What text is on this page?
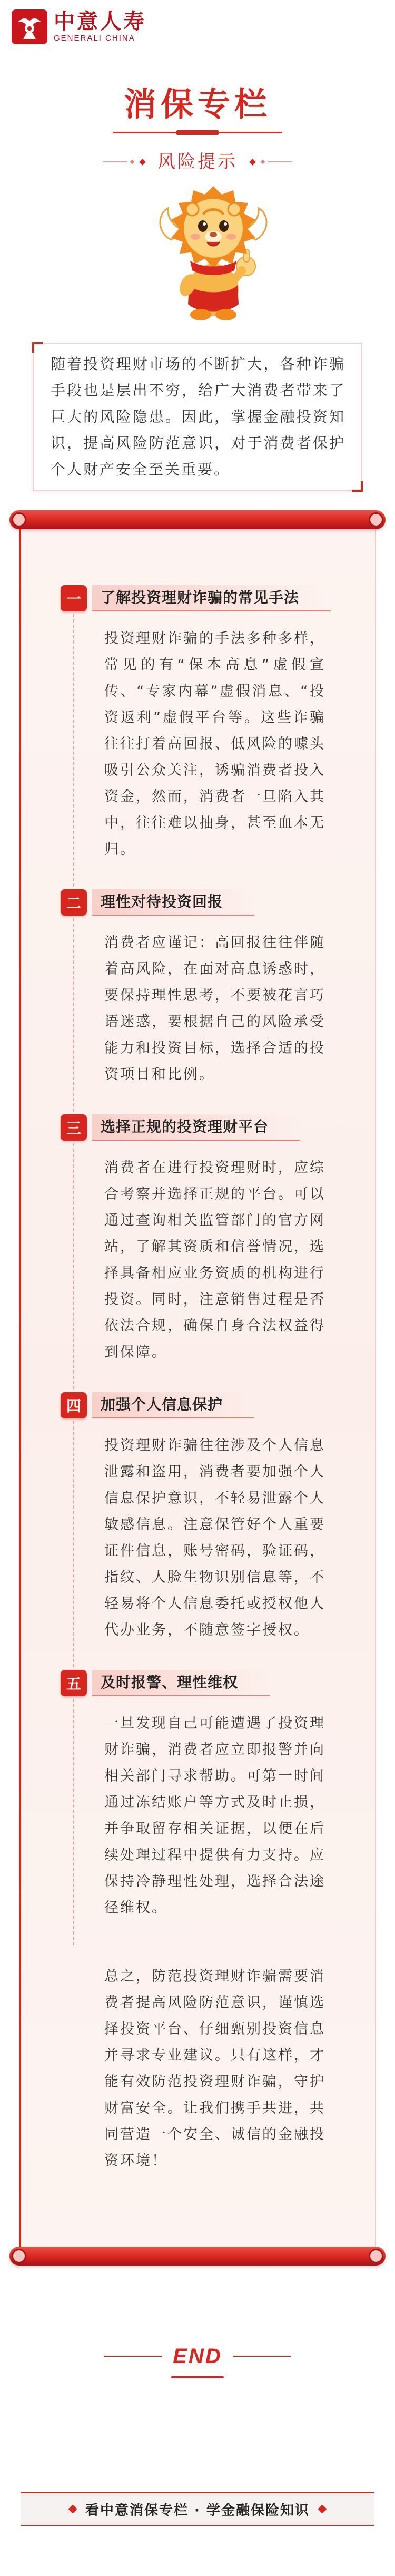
中意人寿
GENERALI CHINA
消保专栏
风险提示
随着投资理财市场的不断扩大，各种诈骗手段也是层出不穷，给广大消费者带来了巨大的风险隐患。因此，掌握金融投资知识，提高风险防范意识，对于消费者保护个人财产安全至关重要。
一	了解投资理财诈骗的常见手法

投资理财诈骗的手法多种多样，常见的有“保本高息”虚假宣传、“专家内幕”虚假消息、“投资返利”虚假平台等。这些诈骗往往打着高回报、低风险的噱头吸引公众关注，诱骗消费者投入资金，然而，消费者一旦陷入其中，往往难以抽身，甚至血本无归。

二	理性对待投资回报

消费者应谨记：高回报往往伴随着高风险，在面对高息诱惑时，要保持理性思考，不要被花言巧语迷惑，要根据自己的风险承受能力和投资目标，选择合适的投资项目和比例。

三	选择正规的投资理财平台

消费者在进行投资理财时，应综合考察并选择正规的平台。可以通过查询相关监管部门的官方网站，了解其资质和信誉情况，选择具备相应业务资质的机构进行投资。同时，注意销售过程是否依法合规，确保自身合法权益得到保障。

四	加强个人信息保护

投资理财诈骗往往涉及个人信息泄露和盗用，消费者要加强个人信息保护意识，不轻易泄露个人敏感信息。注意保管好个人重要证件信息，账号密码，验证码，指纹、人脸生物识别信息等，不轻易将个人信息委托或授权他人代办业务，不随意签字授权。

五	及时报警、理性维权

一旦发现自己可能遭遇了投资理财诈骗，消费者应立即报警并向相关部门寻求帮助。可第一时间通过冻结账户等方式及时止损，并争取留存相关证据，以便在后续处理过程中提供有力支持。应保持冷静理性处理，选择合法途径维权。

总之，防范投资理财诈骗需要消费者提高风险防范意识，谨慎选择投资平台、仔细甄别投资信息并寻求专业建议。只有这样，才能有效防范投资理财诈骗，守护财富安全。让我们携手共进，共同营造一个安全、诚信的金融投资环境！

END
看中意消保专栏 · 学金融保险知识
